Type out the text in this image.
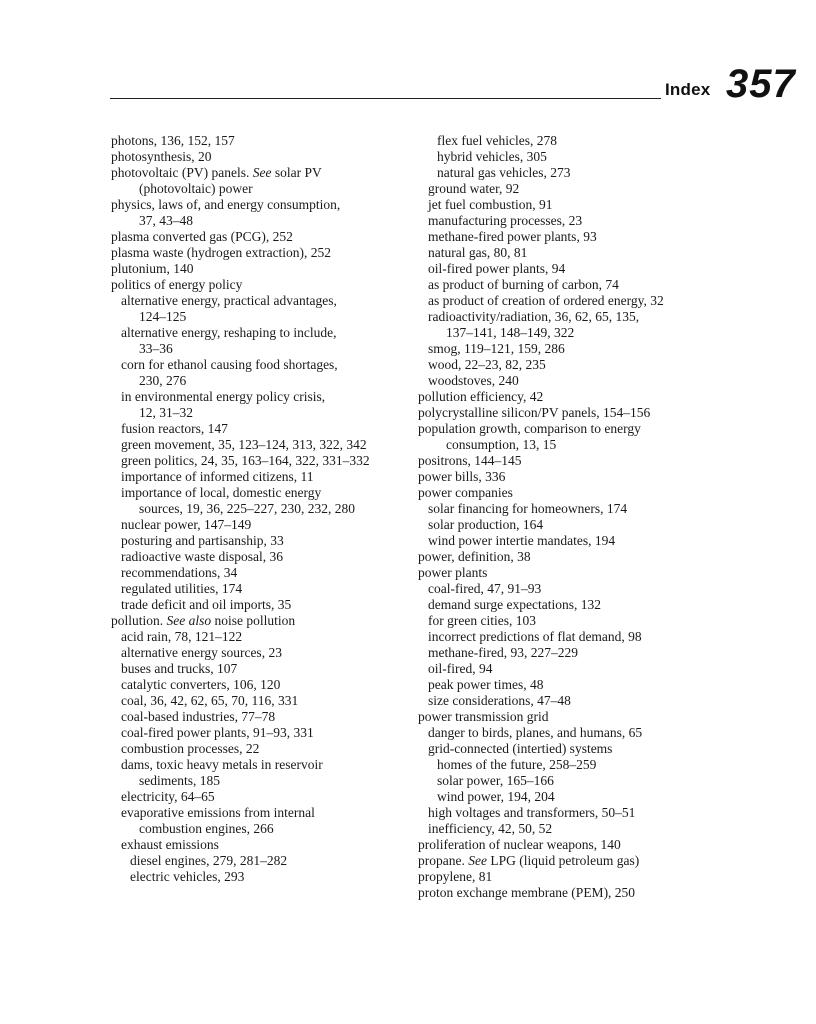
Index 357
photons, 136, 152, 157
photosynthesis, 20
photovoltaic (PV) panels. See solar PV
(photovoltaic) power
physics, laws of, and energy consumption,
37, 43–48
plasma converted gas (PCG), 252
plasma waste (hydrogen extraction), 252
plutonium, 140
politics of energy policy
alternative energy, practical advantages,
124–125
alternative energy, reshaping to include,
33–36
corn for ethanol causing food shortages,
230, 276
in environmental energy policy crisis,
12, 31–32
fusion reactors, 147
green movement, 35, 123–124, 313, 322, 342
green politics, 24, 35, 163–164, 322, 331–332
importance of informed citizens, 11
importance of local, domestic energy
sources, 19, 36, 225–227, 230, 232, 280
nuclear power, 147–149
posturing and partisanship, 33
radioactive waste disposal, 36
recommendations, 34
regulated utilities, 174
trade deficit and oil imports, 35
pollution. See also noise pollution
acid rain, 78, 121–122
alternative energy sources, 23
buses and trucks, 107
catalytic converters, 106, 120
coal, 36, 42, 62, 65, 70, 116, 331
coal-based industries, 77–78
coal-fired power plants, 91–93, 331
combustion processes, 22
dams, toxic heavy metals in reservoir
sediments, 185
electricity, 64–65
evaporative emissions from internal
combustion engines, 266
exhaust emissions
diesel engines, 279, 281–282
electric vehicles, 293
flex fuel vehicles, 278
hybrid vehicles, 305
natural gas vehicles, 273
ground water, 92
jet fuel combustion, 91
manufacturing processes, 23
methane-fired power plants, 93
natural gas, 80, 81
oil-fired power plants, 94
as product of burning of carbon, 74
as product of creation of ordered energy, 32
radioactivity/radiation, 36, 62, 65, 135,
137–141, 148–149, 322
smog, 119–121, 159, 286
wood, 22–23, 82, 235
woodstoves, 240
pollution efficiency, 42
polycrystalline silicon/PV panels, 154–156
population growth, comparison to energy
consumption, 13, 15
positrons, 144–145
power bills, 336
power companies
solar financing for homeowners, 174
solar production, 164
wind power intertie mandates, 194
power, definition, 38
power plants
coal-fired, 47, 91–93
demand surge expectations, 132
for green cities, 103
incorrect predictions of flat demand, 98
methane-fired, 93, 227–229
oil-fired, 94
peak power times, 48
size considerations, 47–48
power transmission grid
danger to birds, planes, and humans, 65
grid-connected (intertied) systems
homes of the future, 258–259
solar power, 165–166
wind power, 194, 204
high voltages and transformers, 50–51
inefficiency, 42, 50, 52
proliferation of nuclear weapons, 140
propane. See LPG (liquid petroleum gas)
propylene, 81
proton exchange membrane (PEM), 250
